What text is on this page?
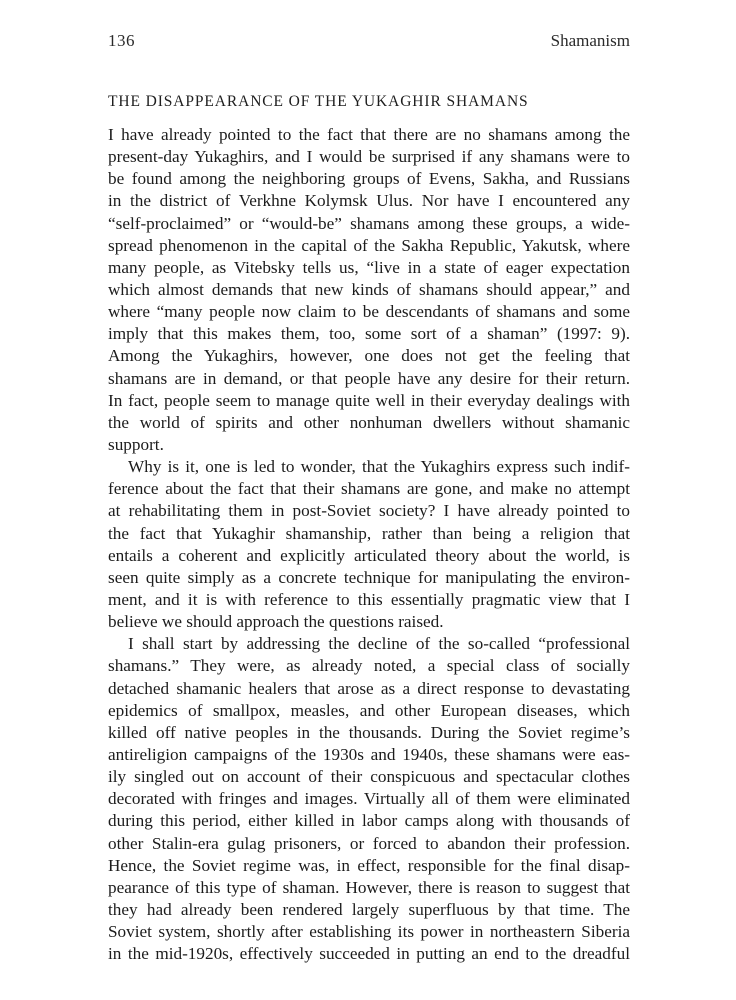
136	Shamanism
THE DISAPPEARANCE OF THE YUKAGHIR SHAMANS
I have already pointed to the fact that there are no shamans among the
present-day Yukaghirs, and I would be surprised if any shamans were to
be found among the neighboring groups of Evens, Sakha, and Russians
in the district of Verkhne Kolymsk Ulus. Nor have I encountered any
“self-proclaimed” or “would-be” shamans among these groups, a wide-
spread phenomenon in the capital of the Sakha Republic, Yakutsk, where
many people, as Vitebsky tells us, “live in a state of eager expectation
which almost demands that new kinds of shamans should appear,” and
where “many people now claim to be descendants of shamans and some
imply that this makes them, too, some sort of a shaman” (1997: 9).
Among the Yukaghirs, however, one does not get the feeling that
shamans are in demand, or that people have any desire for their return.
In fact, people seem to manage quite well in their everyday dealings with
the world of spirits and other nonhuman dwellers without shamanic
support.
Why is it, one is led to wonder, that the Yukaghirs express such indif-
ference about the fact that their shamans are gone, and make no attempt
at rehabilitating them in post-Soviet society? I have already pointed to
the fact that Yukaghir shamanship, rather than being a religion that
entails a coherent and explicitly articulated theory about the world, is
seen quite simply as a concrete technique for manipulating the environ-
ment, and it is with reference to this essentially pragmatic view that I
believe we should approach the questions raised.
I shall start by addressing the decline of the so-called “professional
shamans.” They were, as already noted, a special class of socially
detached shamanic healers that arose as a direct response to devastating
epidemics of smallpox, measles, and other European diseases, which
killed off native peoples in the thousands. During the Soviet regime’s
antireligion campaigns of the 1930s and 1940s, these shamans were eas-
ily singled out on account of their conspicuous and spectacular clothes
decorated with fringes and images. Virtually all of them were eliminated
during this period, either killed in labor camps along with thousands of
other Stalin-era gulag prisoners, or forced to abandon their profession.
Hence, the Soviet regime was, in effect, responsible for the final disap-
pearance of this type of shaman. However, there is reason to suggest that
they had already been rendered largely superfluous by that time. The
Soviet system, shortly after establishing its power in northeastern Siberia
in the mid-1920s, effectively succeeded in putting an end to the dreadful
